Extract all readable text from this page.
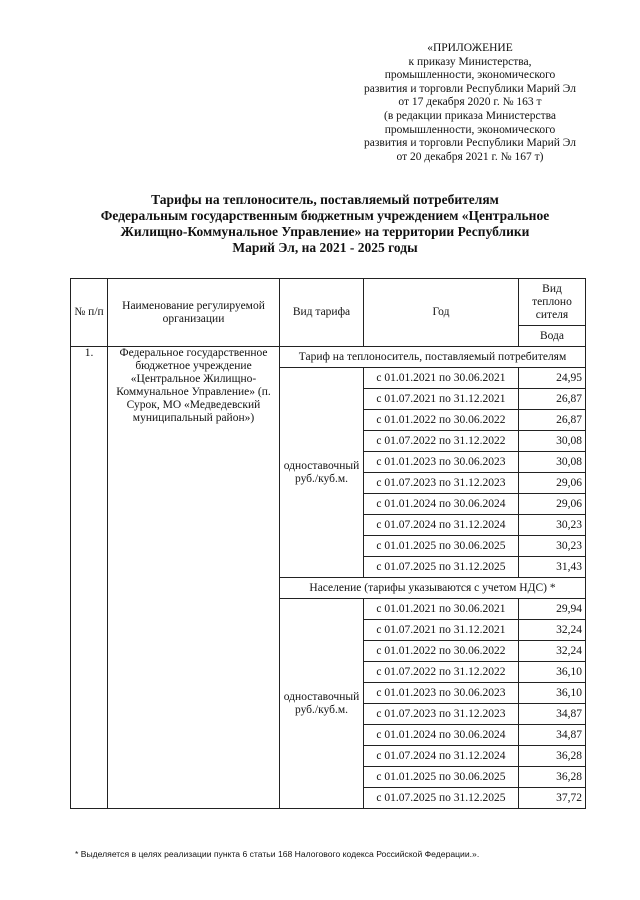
«ПРИЛОЖЕНИЕ
к приказу Министерства,
промышленности, экономического
развития и торговли Республики Марий Эл
от 17 декабря 2020 г. № 163 т
(в редакции приказа Министерства
промышленности, экономического
развития и торговли Республики Марий Эл
от 20 декабря 2021 г. № 167 т)
Тарифы на теплоноситель, поставляемый потребителям
Федеральным государственным бюджетным учреждением «Центральное
Жилищно-Коммунальное Управление» на территории Республики
Марий Эл, на 2021 - 2025 годы
№ п/п	Наименование регулируемой организации	Вид тарифа	Год	Вид теплоно сителя
				Вода
1.	Федеральное государственное бюджетное учреждение «Центральное Жилищно-Коммунальное Управление» (п. Сурок, МО «Медведевский муниципальный район»)	Тариф на теплоноситель, поставляемый потребителям		
		одноставочный руб./куб.м.	с 01.01.2021 по 30.06.2021	24,95
			с 01.07.2021 по 31.12.2021	26,87
			с 01.01.2022 по 30.06.2022	26,87
			с 01.07.2022 по 31.12.2022	30,08
			с 01.01.2023 по 30.06.2023	30,08
			с 01.07.2023 по 31.12.2023	29,06
			с 01.01.2024 по 30.06.2024	29,06
			с 01.07.2024 по 31.12.2024	30,23
			с 01.01.2025 по 30.06.2025	30,23
			с 01.07.2025 по 31.12.2025	31,43
		Население (тарифы указываются с учетом НДС) *		
		одноставочный руб./куб.м.	с 01.01.2021 по 30.06.2021	29,94
			с 01.07.2021 по 31.12.2021	32,24
			с 01.01.2022 по 30.06.2022	32,24
			с 01.07.2022 по 31.12.2022	36,10
			с 01.01.2023 по 30.06.2023	36,10
			с 01.07.2023 по 31.12.2023	34,87
			с 01.01.2024 по 30.06.2024	34,87
			с 01.07.2024 по 31.12.2024	36,28
			с 01.01.2025 по 30.06.2025	36,28
			с 01.07.2025 по 31.12.2025	37,72
* Выделяется в целях реализации пункта 6 статьи 168 Налогового кодекса Российской Федерации.».
